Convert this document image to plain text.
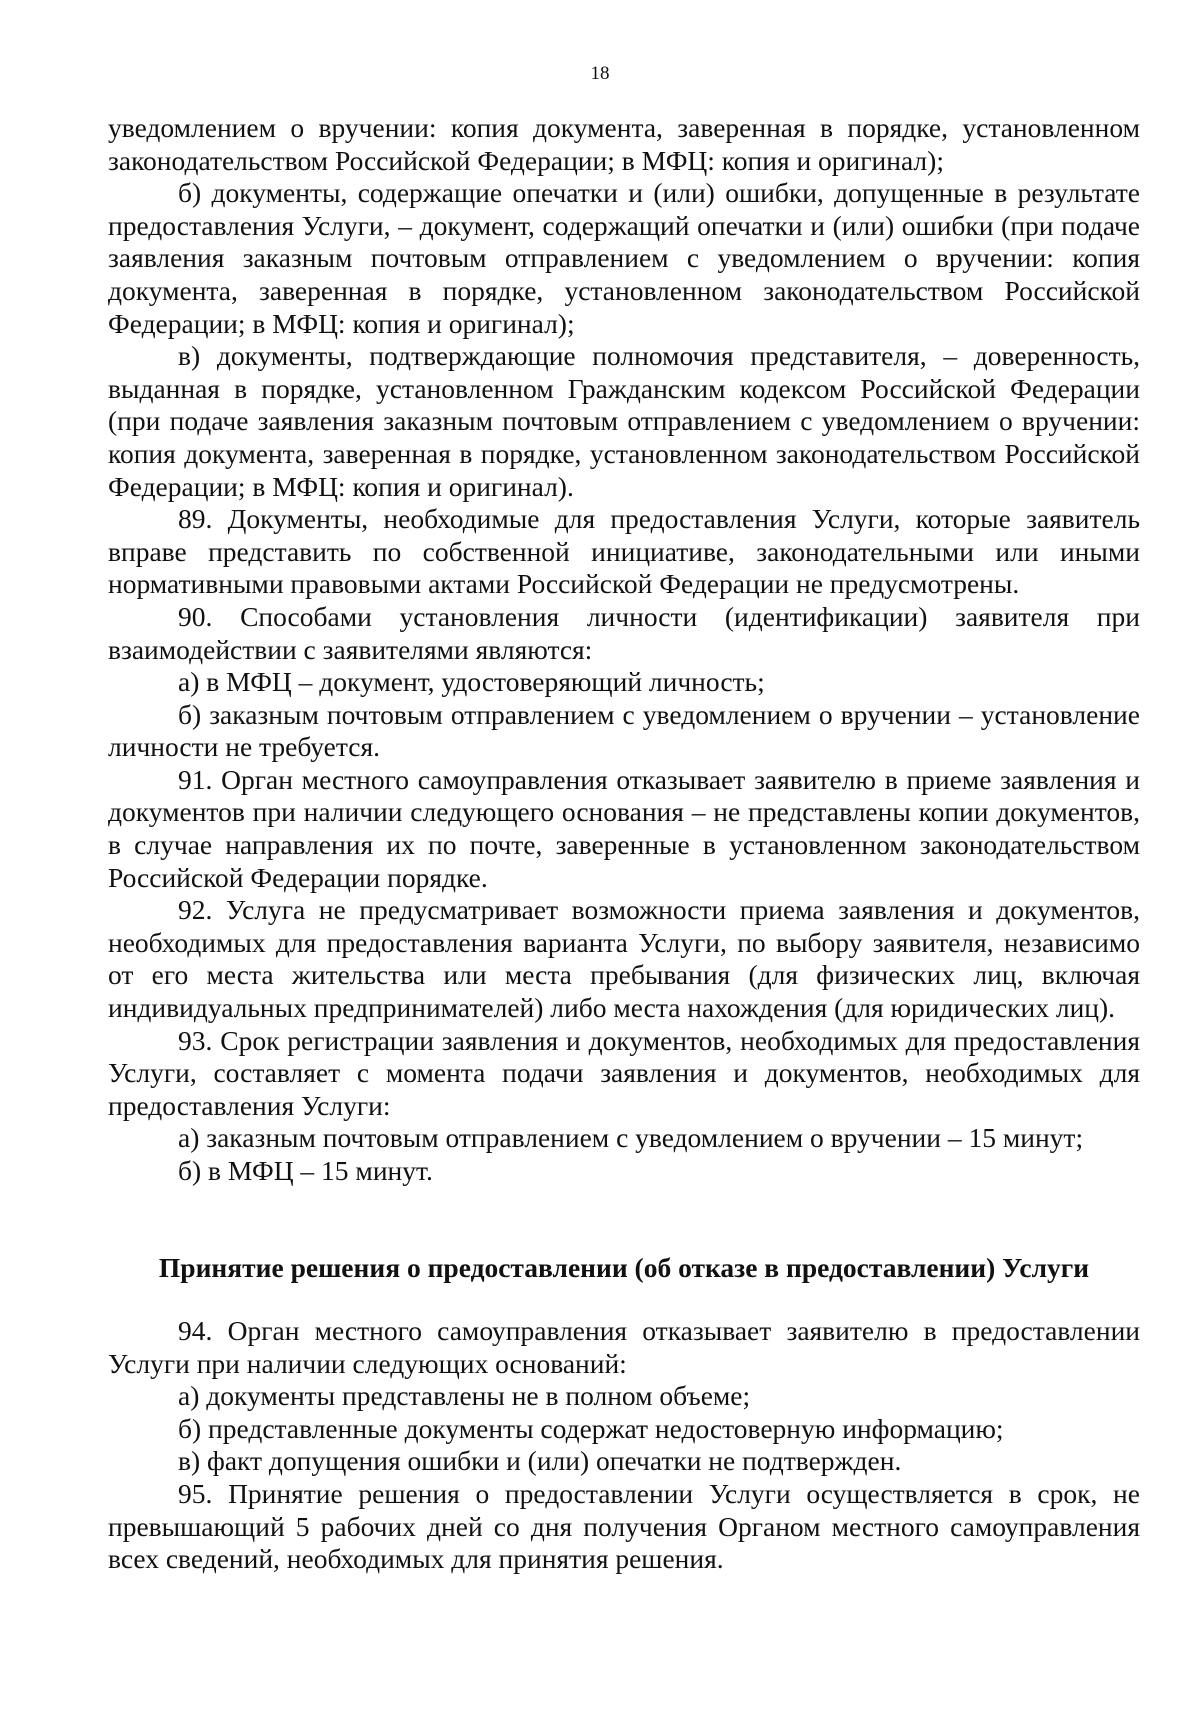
18

уведомлением о вручении: копия документа, заверенная в порядке, установленном законодательством Российской Федерации; в МФЦ: копия и оригинал);

б) документы, содержащие опечатки и (или) ошибки, допущенные в результате предоставления Услуги, – документ, содержащий опечатки и (или) ошибки (при подаче заявления заказным почтовым отправлением с уведомлением о вручении: копия документа, заверенная в порядке, установленном законодательством Российской Федерации; в МФЦ: копия и оригинал);

в) документы, подтверждающие полномочия представителя, – доверенность, выданная в порядке, установленном Гражданским кодексом Российской Федерации (при подаче заявления заказным почтовым отправлением с уведомлением о вручении: копия документа, заверенная в порядке, установленном законодательством Российской Федерации; в МФЦ: копия и оригинал).

89. Документы, необходимые для предоставления Услуги, которые заявитель вправе представить по собственной инициативе, законодательными или иными нормативными правовыми актами Российской Федерации не предусмотрены.

90. Способами установления личности (идентификации) заявителя при взаимодействии с заявителями являются:

а) в МФЦ – документ, удостоверяющий личность;

б) заказным почтовым отправлением с уведомлением о вручении – установление личности не требуется.

91. Орган местного самоуправления отказывает заявителю в приеме заявления и документов при наличии следующего основания – не представлены копии документов, в случае направления их по почте, заверенные в установленном законодательством Российской Федерации порядке.

92. Услуга не предусматривает возможности приема заявления и документов, необходимых для предоставления варианта Услуги, по выбору заявителя, независимо от его места жительства или места пребывания (для физических лиц, включая индивидуальных предпринимателей) либо места нахождения (для юридических лиц).

93. Срок регистрации заявления и документов, необходимых для предоставления Услуги, составляет с момента подачи заявления и документов, необходимых для предоставления Услуги:

а) заказным почтовым отправлением с уведомлением о вручении – 15 минут;

б) в МФЦ – 15 минут.

Принятие решения о предоставлении (об отказе в предоставлении) Услуги

94. Орган местного самоуправления отказывает заявителю в предоставлении Услуги при наличии следующих оснований:

а) документы представлены не в полном объеме;

б) представленные документы содержат недостоверную информацию;

в) факт допущения ошибки и (или) опечатки не подтвержден.

95. Принятие решения о предоставлении Услуги осуществляется в срок, не превышающий 5 рабочих дней со дня получения Органом местного самоуправления всех сведений, необходимых для принятия решения.
